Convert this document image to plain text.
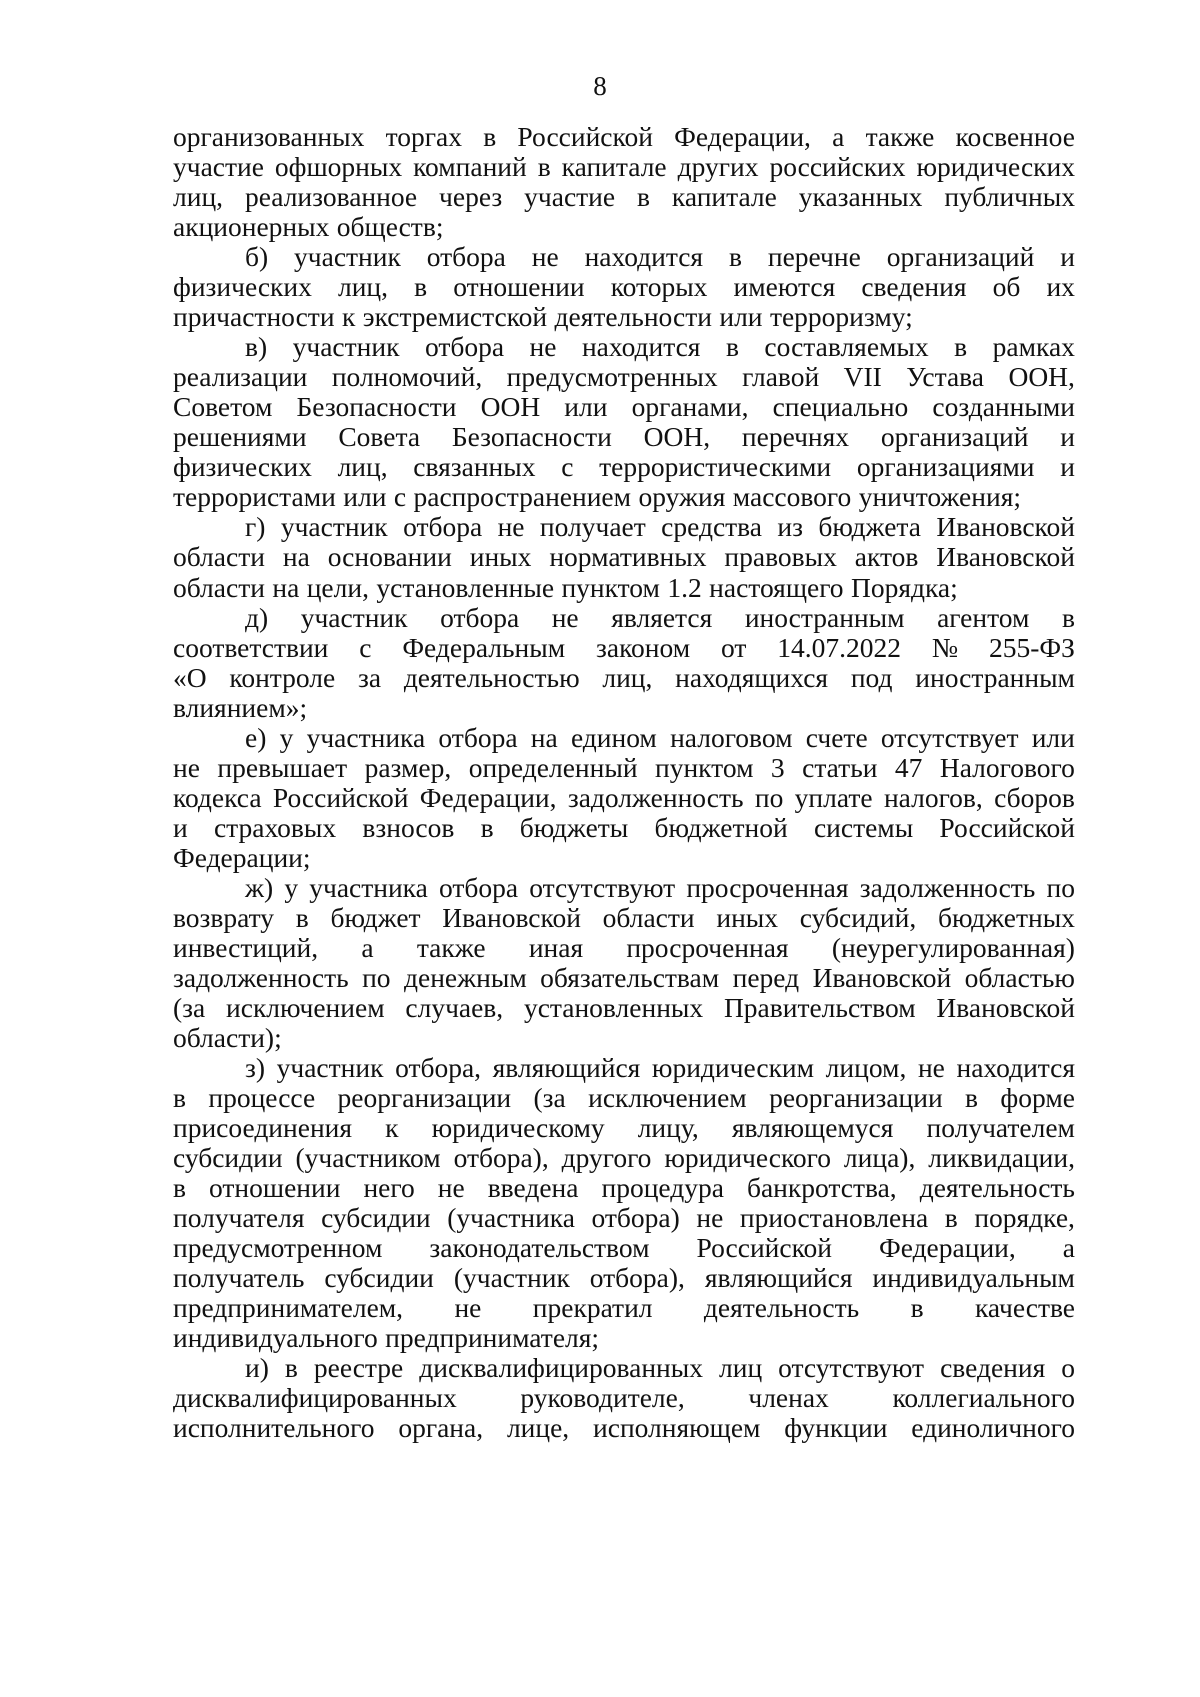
8
организованных торгах в Российской Федерации, а также косвенное
участие офшорных компаний в капитале других российских юридических
лиц, реализованное через участие в капитале указанных публичных
акционерных обществ;
б) участник отбора не находится в перечне организаций и
физических лиц, в отношении которых имеются сведения об их
причастности к экстремистской деятельности или терроризму;
в) участник отбора не находится в составляемых в рамках
реализации полномочий, предусмотренных главой VII Устава ООН,
Советом Безопасности ООН или органами, специально созданными
решениями Совета Безопасности ООН, перечнях организаций и
физических лиц, связанных с террористическими организациями и
террористами или с распространением оружия массового уничтожения;
г) участник отбора не получает средства из бюджета Ивановской
области на основании иных нормативных правовых актов Ивановской
области на цели, установленные пунктом 1.2 настоящего Порядка;
д) участник отбора не является иностранным агентом в
соответствии с Федеральным законом от 14.07.2022 № 255-ФЗ
«О контроле за деятельностью лиц, находящихся под иностранным
влиянием»;
е) у участника отбора на едином налоговом счете отсутствует или
не превышает размер, определенный пунктом 3 статьи 47 Налогового
кодекса Российской Федерации, задолженность по уплате налогов, сборов
и страховых взносов в бюджеты бюджетной системы Российской
Федерации;
ж) у участника отбора отсутствуют просроченная задолженность по
возврату в бюджет Ивановской области иных субсидий, бюджетных
инвестиций, а также иная просроченная (неурегулированная)
задолженность по денежным обязательствам перед Ивановской областью
(за исключением случаев, установленных Правительством Ивановской
области);
з) участник отбора, являющийся юридическим лицом, не находится
в процессе реорганизации (за исключением реорганизации в форме
присоединения к юридическому лицу, являющемуся получателем
субсидии (участником отбора), другого юридического лица), ликвидации,
в отношении него не введена процедура банкротства, деятельность
получателя субсидии (участника отбора) не приостановлена в порядке,
предусмотренном законодательством Российской Федерации, а
получатель субсидии (участник отбора), являющийся индивидуальным
предпринимателем, не прекратил деятельность в качестве
индивидуального предпринимателя;
и) в реестре дисквалифицированных лиц отсутствуют сведения о
дисквалифицированных руководителе, членах коллегиального
исполнительного органа, лице, исполняющем функции единоличного
